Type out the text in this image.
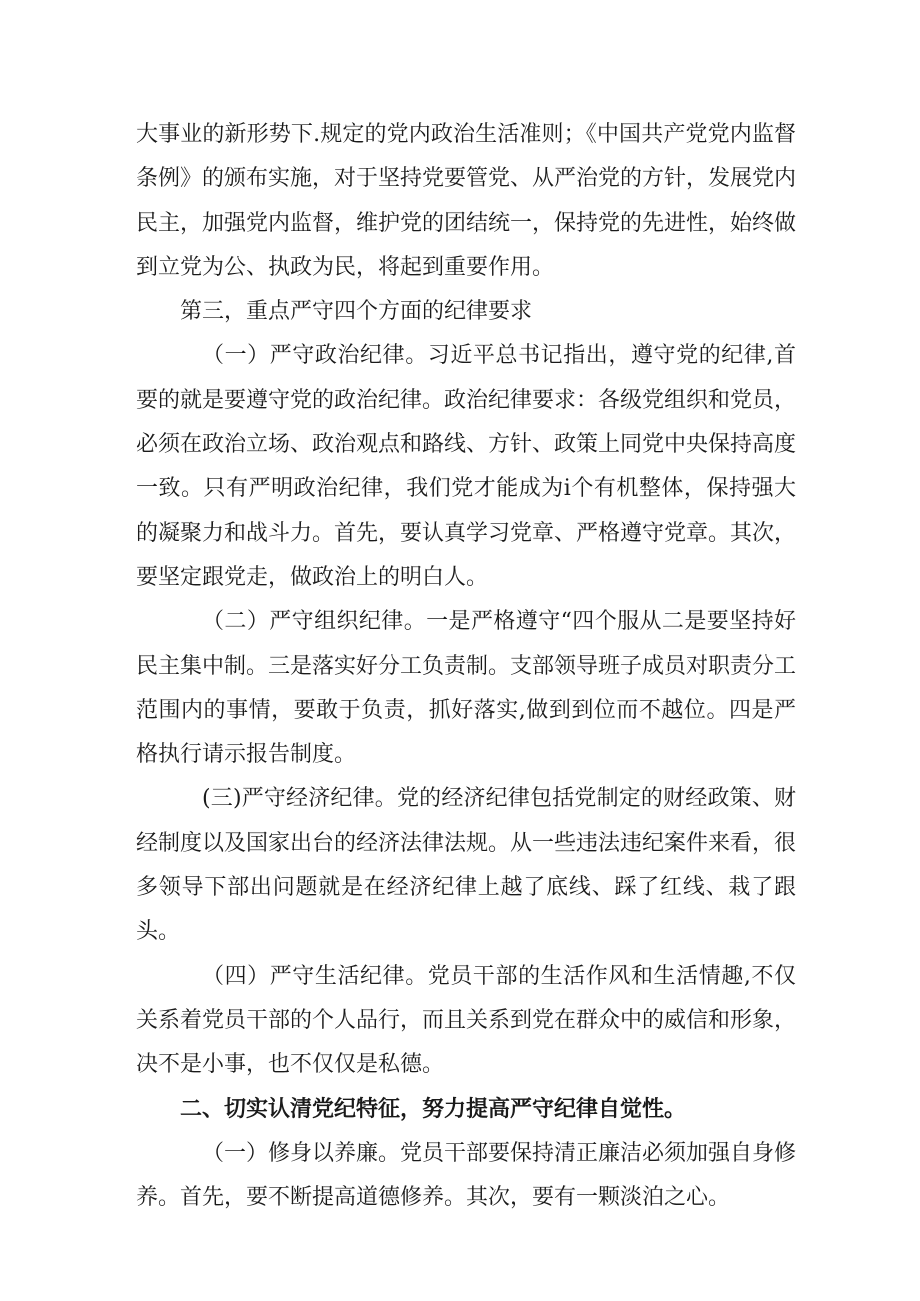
大事业的新形势下.规定的党内政治生活准则；《中国共产党党内监督条例》的颁布实施，对于坚持党要管党、从严治党的方针，发展党内民主，加强党内监督，维护党的团结统一，保持党的先进性，始终做到立党为公、执政为民，将起到重要作用。

第三，重点严守四个方面的纪律要求

（一）严守政治纪律。习近平总书记指出，遵守党的纪律,首要的就是要遵守党的政治纪律。政治纪律要求：各级党组织和党员，必须在政治立场、政治观点和路线、方针、政策上同党中央保持高度一致。只有严明政治纪律，我们党才能成为i个有机整体，保持强大的凝聚力和战斗力。首先，要认真学习党章、严格遵守党章。其次，要坚定跟党走，做政治上的明白人。

（二）严守组织纪律。一是严格遵守“四个服从二是要坚持好民主集中制。三是落实好分工负责制。支部领导班子成员对职责分工范围内的事情，要敢于负责，抓好落实,做到到位而不越位。四是严格执行请示报告制度。

(三)严守经济纪律。党的经济纪律包括党制定的财经政策、财经制度以及国家出台的经济法律法规。从一些违法违纪案件来看，很多领导下部出问题就是在经济纪律上越了底线、踩了红线、栽了跟头。

（四）严守生活纪律。党员干部的生活作风和生活情趣,不仅关系着党员干部的个人品行，而且关系到党在群众中的威信和形象，决不是小事，也不仅仅是私德。

二、切实认清党纪特征，努力提高严守纪律自觉性。

（一）修身以养廉。党员干部要保持清正廉洁必须加强自身修养。首先，要不断提高道德修养。其次，要有一颗淡泊之心。
